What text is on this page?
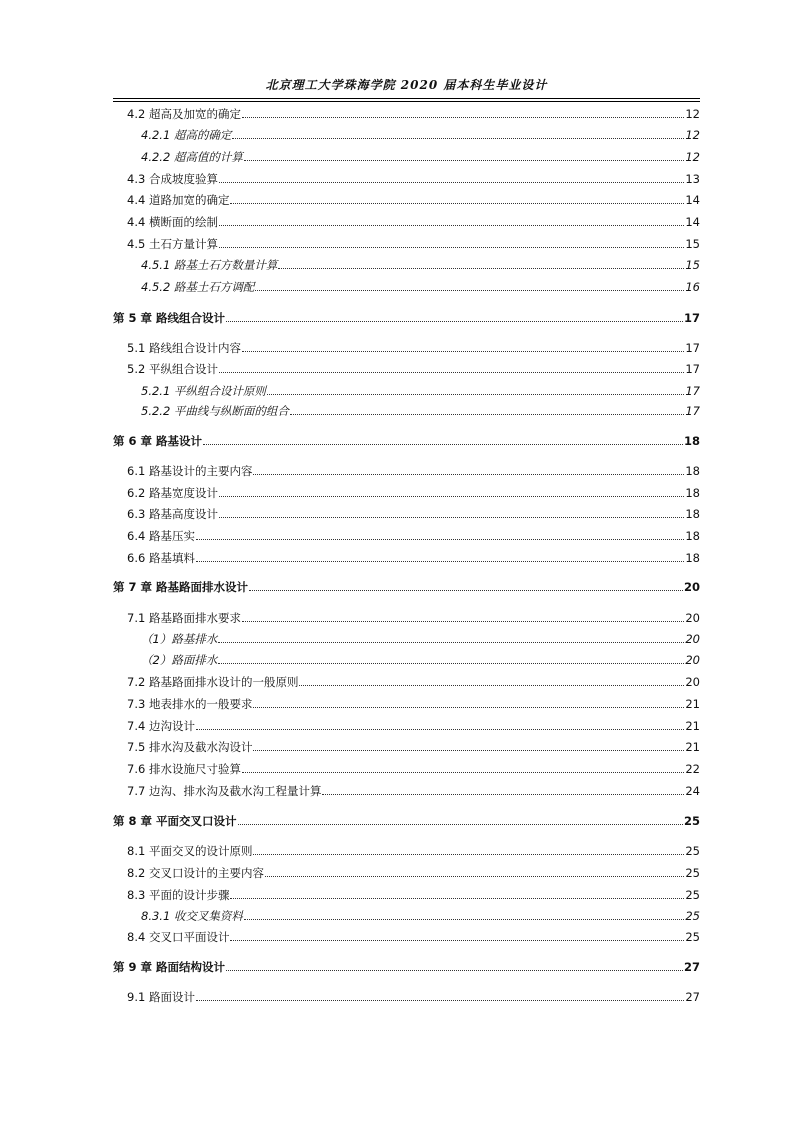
北京理工大学珠海学院 2020 届本科生毕业设计
4.2 超高及加宽的确定	12
4.2.1 超高的确定	12
4.2.2 超高值的计算	12
4.3 合成坡度验算	13
4.4 道路加宽的确定	14
4.4 横断面的绘制	14
4.5 土石方量计算	15
4.5.1 路基土石方数量计算	15
4.5.2 路基土石方调配	16
第 5 章 路线组合设计	17
5.1 路线组合设计内容	17
5.2 平纵组合设计	17
5.2.1 平纵组合设计原则	17
5.2.2 平曲线与纵断面的组合	17
第 6 章 路基设计	18
6.1 路基设计的主要内容	18
6.2 路基宽度设计	18
6.3 路基高度设计	18
6.4 路基压实	18
6.6 路基填料	18
第 7 章 路基路面排水设计	20
7.1 路基路面排水要求	20
（1）路基排水	20
（2）路面排水	20
7.2 路基路面排水设计的一般原则	20
7.3 地表排水的一般要求	21
7.4 边沟设计	21
7.5 排水沟及截水沟设计	21
7.6 排水设施尺寸验算	22
7.7 边沟、排水沟及截水沟工程量计算	24
第 8 章 平面交叉口设计	25
8.1 平面交叉的设计原则	25
8.2 交叉口设计的主要内容	25
8.3 平面的设计步骤	25
8.3.1 收交叉集资料	25
8.4 交叉口平面设计	25
第 9 章 路面结构设计	27
9.1 路面设计	27
